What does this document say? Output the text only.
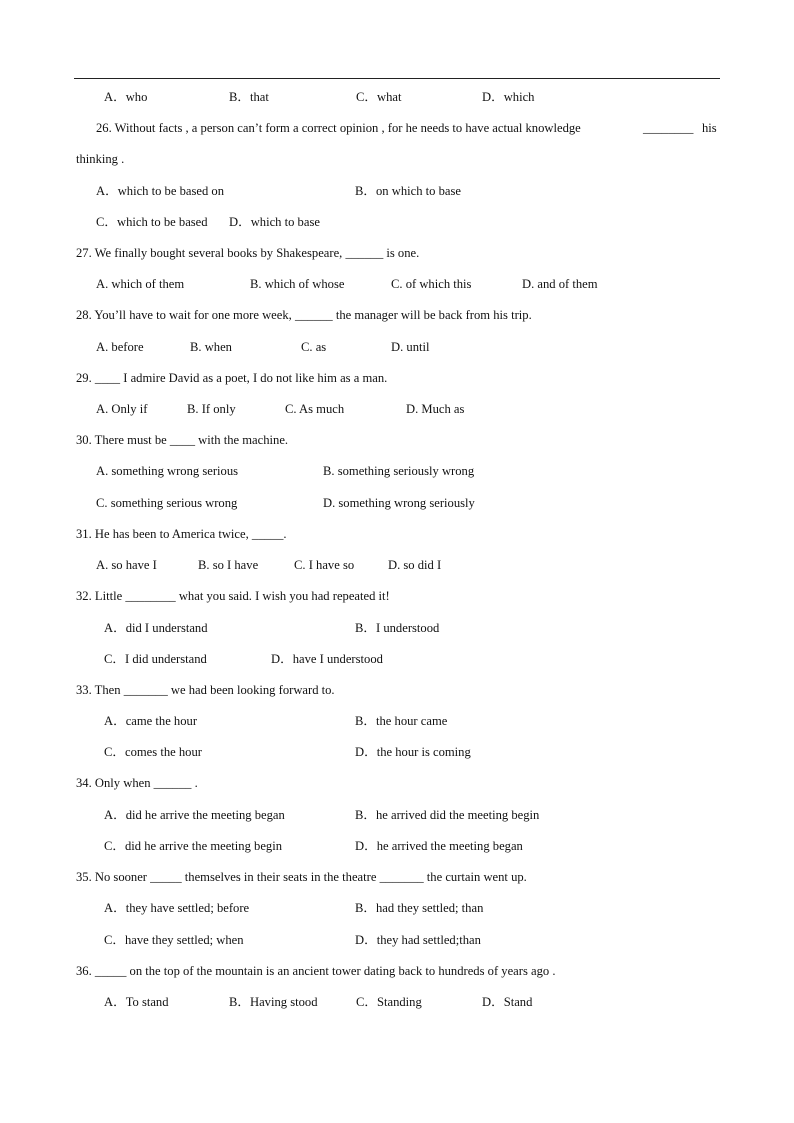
A．who	B．that	C．what	D．which
26. Without facts , a person can’t form a correct opinion , for he needs to have actual knowledge	________ his
thinking .
A．which to be based on	B．on which to base
C．which to be based D．which to base
27. We finally bought several books by Shakespeare, ______ is one.
A. which of them	B. which of whose	C. of which this	D. and of them
28. You’ll have to wait for one more week, ______ the manager will be back from his trip.
A. before	B. when	C. as	D. until
29. ____ I admire David as a poet, I do not like him as a man.
A. Only if	B. If only	C. As much	D. Much as
30. There must be ____ with the machine.
A. something wrong serious	B. something seriously wrong
C. something serious wrong	D. something wrong seriously
31. He has been to America twice, _____.
A. so have I	B. so I have	C. I have so	D. so did I
32. Little ________ what you said. I wish you had repeated it!
A．did I understand	B．I understood
C．I did understand	D．have I understood
33. Then _______ we had been looking forward to.
A．came the hour	B．the hour came
C．comes the hour	D．the hour is coming
34. Only when ______ .
A．did he arrive the meeting began	B．he arrived did the meeting begin
C．did he arrive the meeting begin	D．he arrived the meeting began
35. No sooner _____ themselves in their seats in the theatre _______ the curtain went up.
A．they have settled; before	B．had they settled; than
C．have they settled; when	D．they had settled;than
36. _____ on the top of the mountain is an ancient tower dating back to hundreds of years ago .
A．To stand	B．Having stood	C．Standing	D．Stand
